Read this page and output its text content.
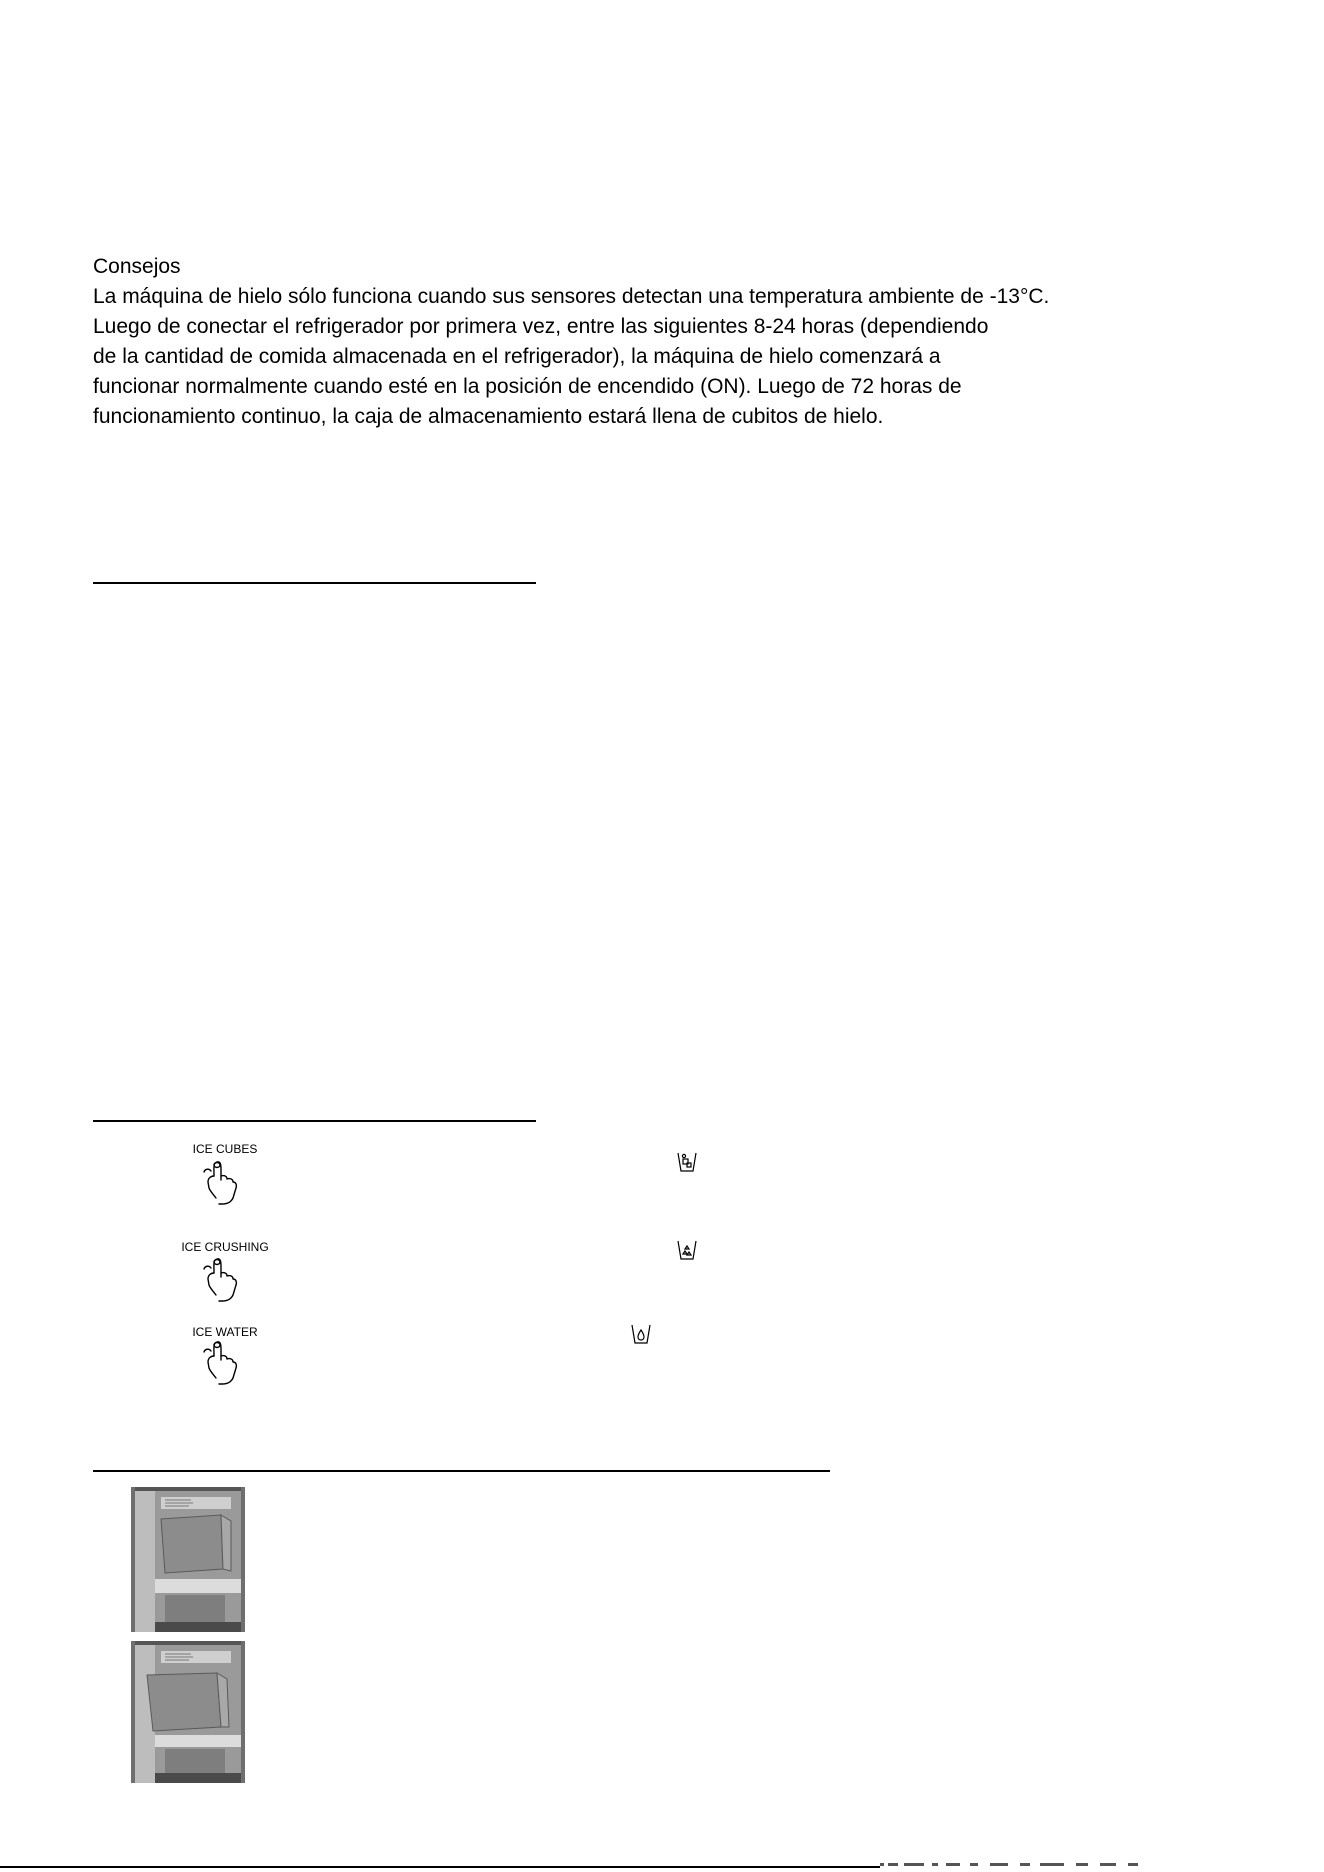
Consejos

La máquina de hielo sólo funciona cuando sus sensores detectan una temperatura ambiente de -13°C.

Luego de conectar el refrigerador por primera vez, entre las siguientes 8-24 horas (dependiendo

de la cantidad de comida almacenada en el refrigerador), la máquina de hielo comenzará a

funcionar normalmente cuando esté en la posición de encendido (ON). Luego de 72 horas de

funcionamiento continuo, la caja de almacenamiento estará llena de cubitos de hielo.

ICE CUBES
ICE CRUSHING
ICE WATER
